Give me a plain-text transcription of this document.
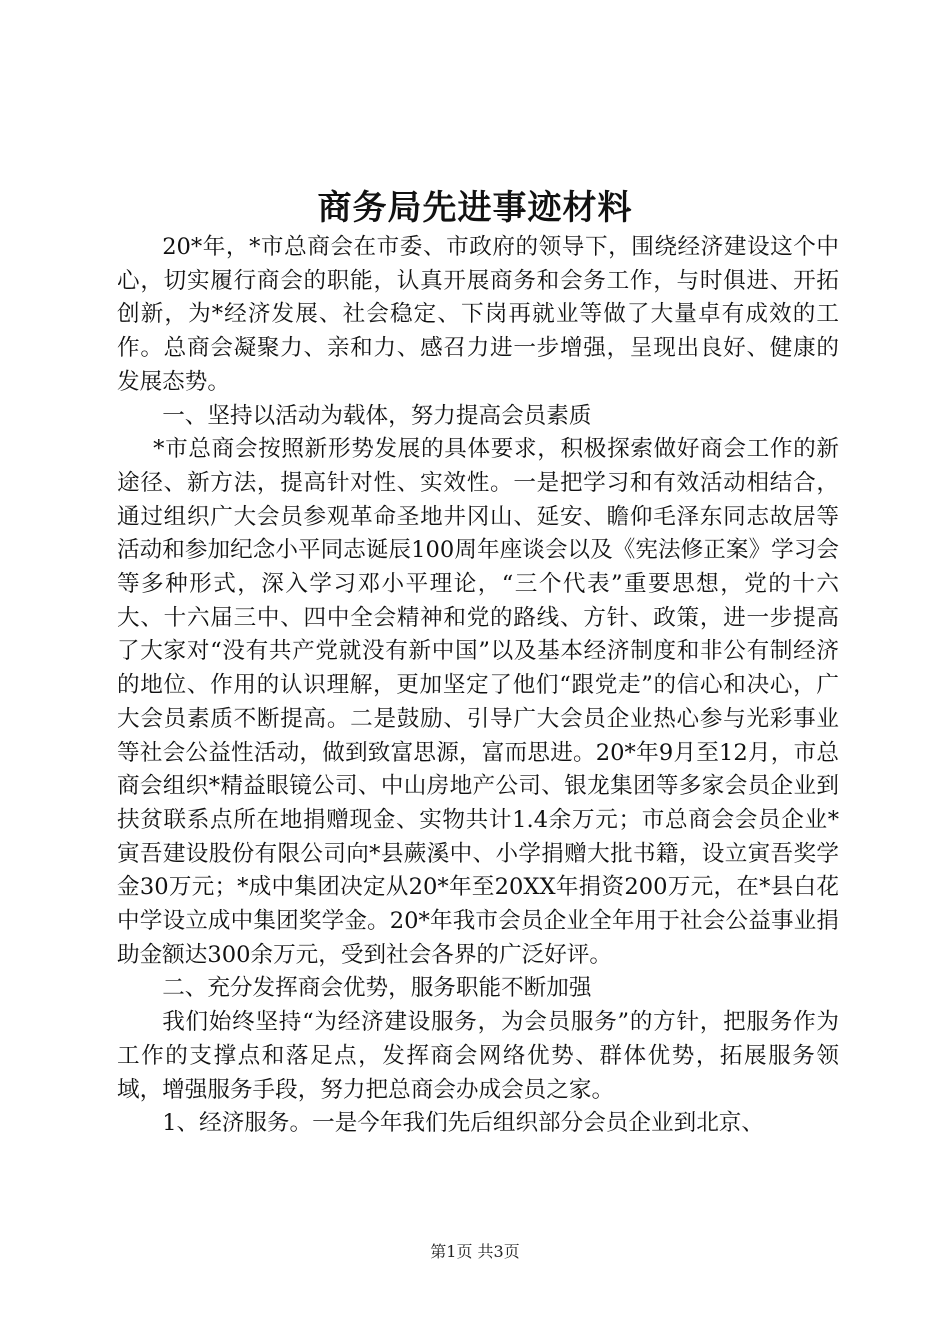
商务局先进事迹材料

20*年，*市总商会在市委、市政府的领导下，围绕经济建设这个中心，切实履行商会的职能，认真开展商务和会务工作，与时俱进、开拓创新，为*经济发展、社会稳定、下岗再就业等做了大量卓有成效的工作。总商会凝聚力、亲和力、感召力进一步增强，呈现出良好、健康的发展态势。

一、坚持以活动为载体，努力提高会员素质

*市总商会按照新形势发展的具体要求，积极探索做好商会工作的新途径、新方法，提高针对性、实效性。一是把学习和有效活动相结合，通过组织广大会员参观革命圣地井冈山、延安、瞻仰毛泽东同志故居等活动和参加纪念小平同志诞辰100周年座谈会以及《宪法修正案》学习会等多种形式，深入学习邓小平理论，“三个代表”重要思想，党的十六大、十六届三中、四中全会精神和党的路线、方针、政策，进一步提高了大家对“没有共产党就没有新中国”以及基本经济制度和非公有制经济的地位、作用的认识理解，更加坚定了他们“跟党走”的信心和决心，广大会员素质不断提高。二是鼓励、引导广大会员企业热心参与光彩事业等社会公益性活动，做到致富思源，富而思进。20*年9月至12月，市总商会组织*精益眼镜公司、中山房地产公司、银龙集团等多家会员企业到扶贫联系点所在地捐赠现金、实物共计1.4余万元；市总商会会员企业*寅吾建设股份有限公司向*县蕨溪中、小学捐赠大批书籍，设立寅吾奖学金30万元；*成中集团决定从20*年至20XX年捐资200万元，在*县白花中学设立成中集团奖学金。20*年我市会员企业全年用于社会公益事业捐助金额达300余万元，受到社会各界的广泛好评。

二、充分发挥商会优势，服务职能不断加强

我们始终坚持“为经济建设服务，为会员服务”的方针，把服务作为工作的支撑点和落足点，发挥商会网络优势、群体优势，拓展服务领域，增强服务手段，努力把总商会办成会员之家。

1、经济服务。一是今年我们先后组织部分会员企业到北京、

第1页 共3页
